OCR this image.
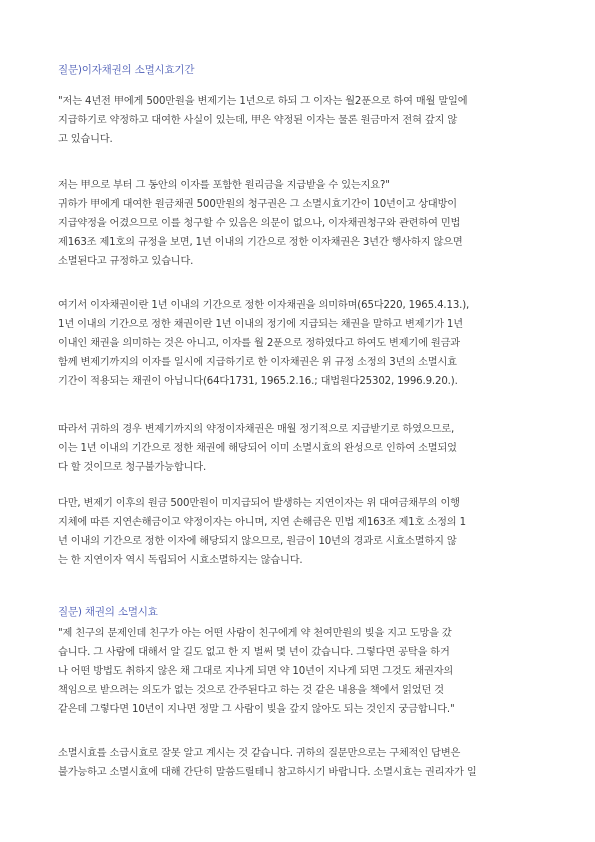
질문)이자채권의 소멸시효기간
"저는 4년전 甲에게 500만원을 변제기는 1년으로 하되 그 이자는 월2푼으로 하여 매월 말일에
지급하기로 약정하고 대여한 사실이 있는데, 甲은 약정된 이자는 물론 원금마저 전혀 갚지 않
고 있습니다.
저는 甲으로 부터 그 동안의 이자를 포함한 원리금을 지급받을 수 있는지요?"
귀하가 甲에게 대여한 원금채권 500만원의 청구권은 그 소멸시효기간이 10년이고 상대방이
지급약정을 어겼으므로 이를 청구할 수 있음은 의문이 없으나, 이자채권청구와 관련하여 민법
제163조 제1호의 규정을 보면, 1년 이내의 기간으로 정한 이자채권은 3년간 행사하지 않으면
소멸된다고 규정하고 있습니다.
여기서 이자채권이란 1년 이내의 기간으로 정한 이자채권을 의미하며(65다220, 1965.4.13.),
1년 이내의 기간으로 정한 채권이란 1년 이내의 정기에 지급되는 채권을 말하고 변제기가 1년
이내인 채권을 의미하는 것은 아니고, 이자를 월 2푼으로 정하였다고 하여도 변제기에 원금과
함께 변제기까지의 이자를 일시에 지급하기로 한 이자채권은 위 규정 소정의 3년의 소멸시효
기간이 적용되는 채권이 아닙니다(64다1731, 1965.2.16.; 대법원다25302, 1996.9.20.).
따라서 귀하의 경우 변제기까지의 약정이자채권은 매월 정기적으로 지급받기로 하였으므로,
이는 1년 이내의 기간으로 정한 채권에 해당되어 이미 소멸시효의 완성으로 인하여 소멸되었
다 할 것이므로 청구불가능합니다.
다만, 변제기 이후의 원금 500만원이 미지급되어 발생하는 지연이자는 위 대여금채무의 이행
지체에 따른 지연손해금이고 약정이자는 아니며, 지연 손해금은 민법 제163조 제1호 소정의 1
년 이내의 기간으로 정한 이자에 해당되지 않으므로, 원금이 10년의 경과로 시효소멸하지 않
는 한 지연이자 역시 독립되어 시효소멸하지는 않습니다.
질문) 채권의 소멸시효
"제 친구의 문제인데 친구가 아는 어떤 사람이 친구에게 약 천여만원의 빚을 지고 도망을 갔
습니다. 그 사람에 대해서 알 길도 없고 한 지 벌써 몇 년이 갔습니다. 그렇다면 공탁을 하거
나 어떤 방법도 취하지 않은 채 그대로 지나게 되면 약 10년이 지나게 되면 그것도 채권자의
책임으로 받으려는 의도가 없는 것으로 간주된다고 하는 것 같은 내용을 책에서 읽었던 것
같은데 그렇다면 10년이 지나면 정말 그 사람이 빚을 갚지 않아도 되는 것인지 궁금합니다."
소멸시효를 소급시효로 잘못 알고 계시는 것 같습니다. 귀하의 질문만으로는 구체적인 답변은
불가능하고 소멸시효에 대해 간단히 말씀드릴테니 참고하시기 바랍니다. 소멸시효는 권리자가 일
